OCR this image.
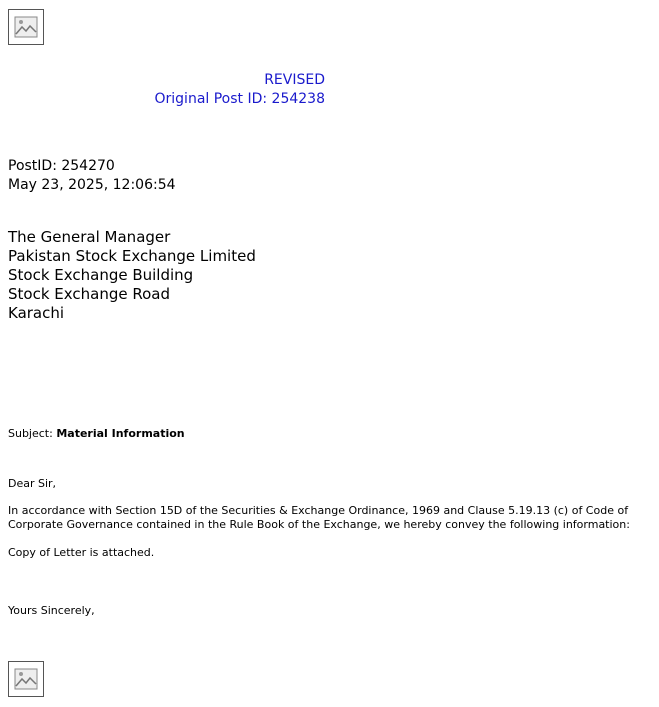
REVISED
Original Post ID: 254238
PostID: 254270
May 23, 2025, 12:06:54
The General Manager
Pakistan Stock Exchange Limited
Stock Exchange Building
Stock Exchange Road
Karachi
Subject: Material Information
Dear Sir,
In accordance with Section 15D of the Securities & Exchange Ordinance, 1969 and Clause 5.19.13 (c) of Code of
Corporate Governance contained in the Rule Book of the Exchange, we hereby convey the following information:
Copy of Letter is attached.
Yours Sincerely,
